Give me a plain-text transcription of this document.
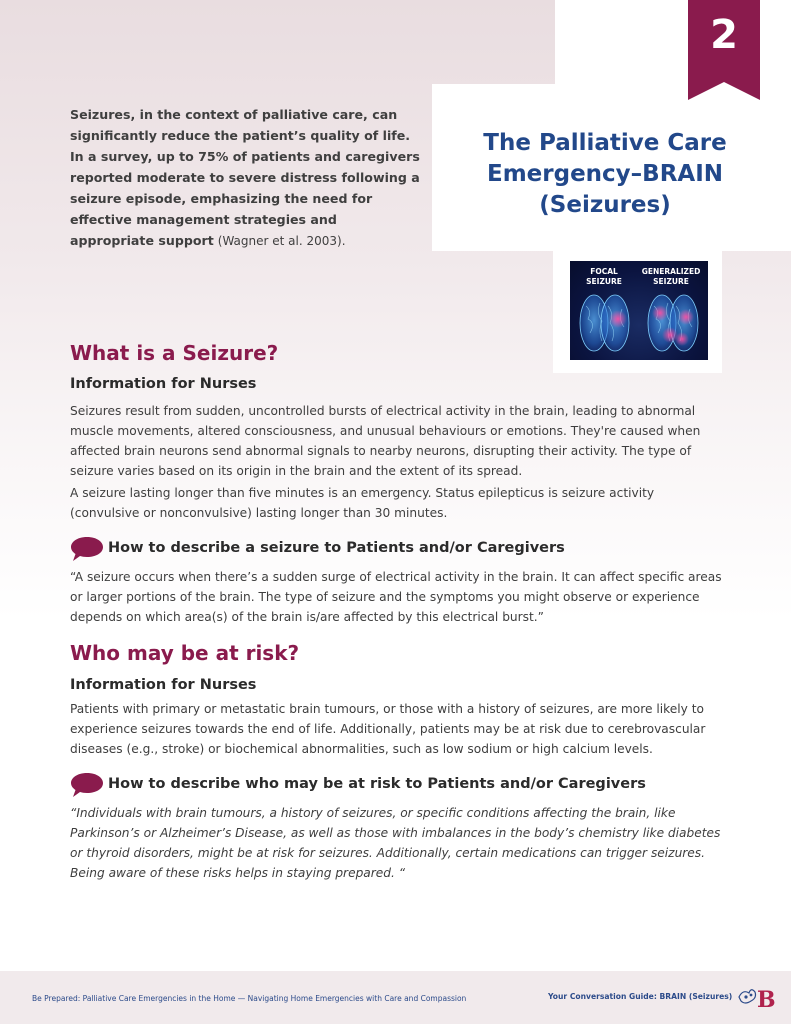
2
The Palliative Care
Emergency–BRAIN
(Seizures)
Seizures, in the context of palliative care, can significantly reduce the patient’s quality of life. In a survey, up to 75% of patients and caregivers reported moderate to severe distress following a seizure episode, emphasizing the need for effective management strategies and appropriate support (Wagner et al. 2003).
FOCAL
SEIZURE
GENERALIZED
SEIZURE
What is a Seizure?
Information for Nurses
Seizures result from sudden, uncontrolled bursts of electrical activity in the brain, leading to abnormal muscle movements, altered consciousness, and unusual behaviours or emotions. They're caused when affected brain neurons send abnormal signals to nearby neurons, disrupting their activity. The type of seizure varies based on its origin in the brain and the extent of its spread.
A seizure lasting longer than five minutes is an emergency. Status epilepticus is seizure activity (convulsive or nonconvulsive) lasting longer than 30 minutes.
How to describe a seizure to Patients and/or Caregivers
“A seizure occurs when there’s a sudden surge of electrical activity in the brain. It can affect specific areas or larger portions of the brain. The type of seizure and the symptoms you might observe or experience depends on which area(s) of the brain is/are affected by this electrical burst.”
Who may be at risk?
Information for Nurses
Patients with primary or metastatic brain tumours, or those with a history of seizures, are more likely to experience seizures towards the end of life. Additionally, patients may be at risk due to cerebrovascular diseases (e.g., stroke) or biochemical abnormalities, such as low sodium or high calcium levels.
How to describe who may be at risk to Patients and/or Caregivers
“Individuals with brain tumours, a history of seizures, or specific conditions affecting the brain, like Parkinson’s or Alzheimer’s Disease, as well as those with imbalances in the body’s chemistry like diabetes or thyroid disorders, might be at risk for seizures. Additionally, certain medications can trigger seizures. Being aware of these risks helps in staying prepared. “
Be Prepared: Palliative Care Emergencies in the Home — Navigating Home Emergencies with Care and Compassion	Your Conversation Guide: BRAIN (Seizures) B
